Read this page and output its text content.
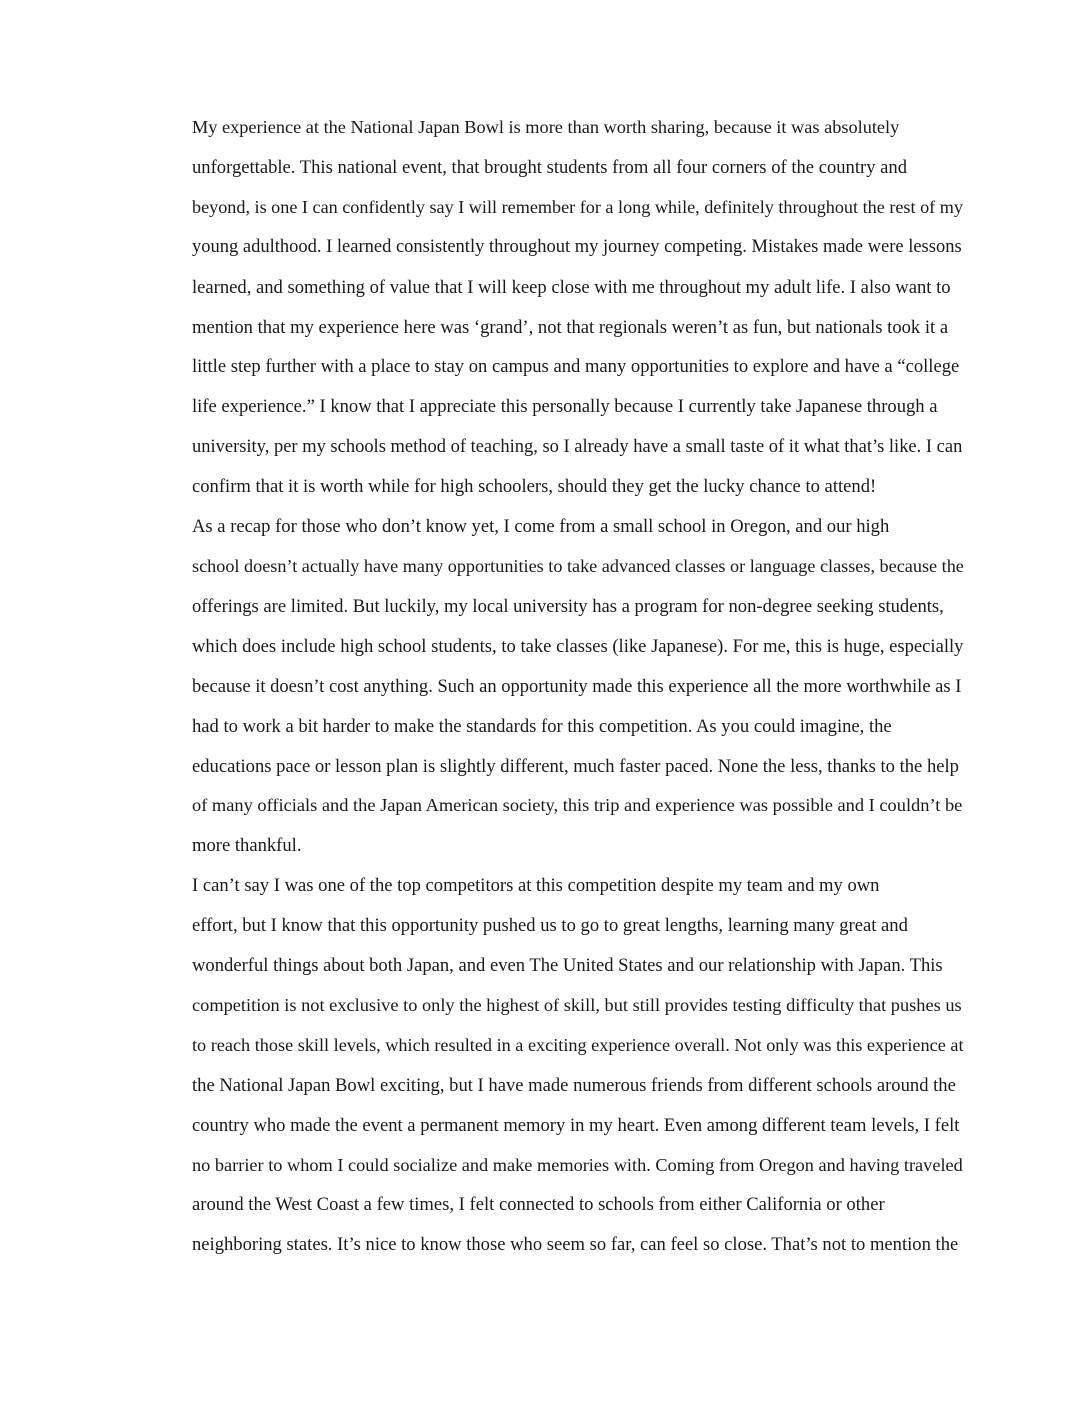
My experience at the National Japan Bowl is more than worth sharing, because it was absolutely
unforgettable. This national event, that brought students from all four corners of the country and
beyond, is one I can confidently say I will remember for a long while, definitely throughout the rest of my
young adulthood. I learned consistently throughout my journey competing. Mistakes made were lessons
learned, and something of value that I will keep close with me throughout my adult life. I also want to
mention that my experience here was ‘grand’, not that regionals weren’t as fun, but nationals took it a
little step further with a place to stay on campus and many opportunities to explore and have a “college
life experience.” I know that I appreciate this personally because I currently take Japanese through a
university, per my schools method of teaching, so I already have a small taste of it what that’s like. I can
confirm that it is worth while for high schoolers, should they get the lucky chance to attend!

As a recap for those who don’t know yet, I come from a small school in Oregon, and our high
school doesn’t actually have many opportunities to take advanced classes or language classes, because the
offerings are limited. But luckily, my local university has a program for non-degree seeking students,
which does include high school students, to take classes (like Japanese). For me, this is huge, especially
because it doesn’t cost anything. Such an opportunity made this experience all the more worthwhile as I
had to work a bit harder to make the standards for this competition. As you could imagine, the
educations pace or lesson plan is slightly different, much faster paced. None the less, thanks to the help
of many officials and the Japan American society, this trip and experience was possible and I couldn’t be
more thankful.

I can’t say I was one of the top competitors at this competition despite my team and my own
effort, but I know that this opportunity pushed us to go to great lengths, learning many great and
wonderful things about both Japan, and even The United States and our relationship with Japan. This
competition is not exclusive to only the highest of skill, but still provides testing difficulty that pushes us
to reach those skill levels, which resulted in a exciting experience overall. Not only was this experience at
the National Japan Bowl exciting, but I have made numerous friends from different schools around the
country who made the event a permanent memory in my heart. Even among different team levels, I felt
no barrier to whom I could socialize and make memories with. Coming from Oregon and having traveled
around the West Coast a few times, I felt connected to schools from either California or other
neighboring states. It’s nice to know those who seem so far, can feel so close. That’s not to mention the
